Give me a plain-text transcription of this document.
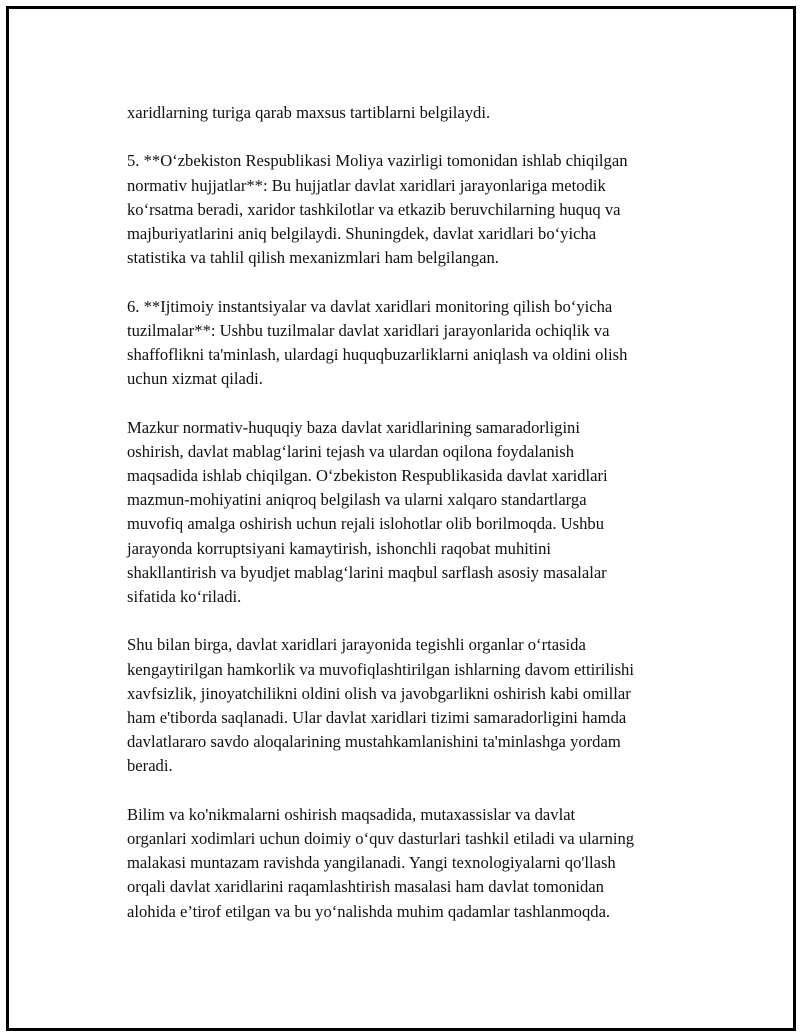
xaridlarning turiga qarab maxsus tartiblarni belgilaydi.

5. **O‘zbekiston Respublikasi Moliya vazirligi tomonidan ishlab chiqilgan
normativ hujjatlar**: Bu hujjatlar davlat xaridlari jarayonlariga metodik
ko‘rsatma beradi, xaridor tashkilotlar va etkazib beruvchilarning huquq va
majburiyatlarini aniq belgilaydi. Shuningdek, davlat xaridlari bo‘yicha
statistika va tahlil qilish mexanizmlari ham belgilangan.

6. **Ijtimoiy instantsiyalar va davlat xaridlari monitoring qilish bo‘yicha
tuzilmalar**: Ushbu tuzilmalar davlat xaridlari jarayonlarida ochiqlik va
shaffoflikni ta'minlash, ulardagi huquqbuzarliklarni aniqlash va oldini olish
uchun xizmat qiladi.

Mazkur normativ-huquqiy baza davlat xaridlarining samaradorligini
oshirish, davlat mablag‘larini tejash va ulardan oqilona foydalanish
maqsadida ishlab chiqilgan. O‘zbekiston Respublikasida davlat xaridlari
mazmun-mohiyatini aniqroq belgilash va ularni xalqaro standartlarga
muvofiq amalga oshirish uchun rejali islohotlar olib borilmoqda. Ushbu
jarayonda korruptsiyani kamaytirish, ishonchli raqobat muhitini
shakllantirish va byudjet mablag‘larini maqbul sarflash asosiy masalalar
sifatida ko‘riladi.

Shu bilan birga, davlat xaridlari jarayonida tegishli organlar o‘rtasida
kengaytirilgan hamkorlik va muvofiqlashtirilgan ishlarning davom ettirilishi
xavfsizlik, jinoyatchilikni oldini olish va javobgarlikni oshirish kabi omillar
ham e'tiborda saqlanadi. Ular davlat xaridlari tizimi samaradorligini hamda
davlatlararo savdo aloqalarining mustahkamlanishini ta'minlashga yordam
beradi.

Bilim va ko'nikmalarni oshirish maqsadida, mutaxassislar va davlat
organlari xodimlari uchun doimiy o‘quv dasturlari tashkil etiladi va ularning
malakasi muntazam ravishda yangilanadi. Yangi texnologiyalarni qo'llash
orqali davlat xaridlarini raqamlashtirish masalasi ham davlat tomonidan
alohida e’tirof etilgan va bu yo‘nalishda muhim qadamlar tashlanmoqda.
